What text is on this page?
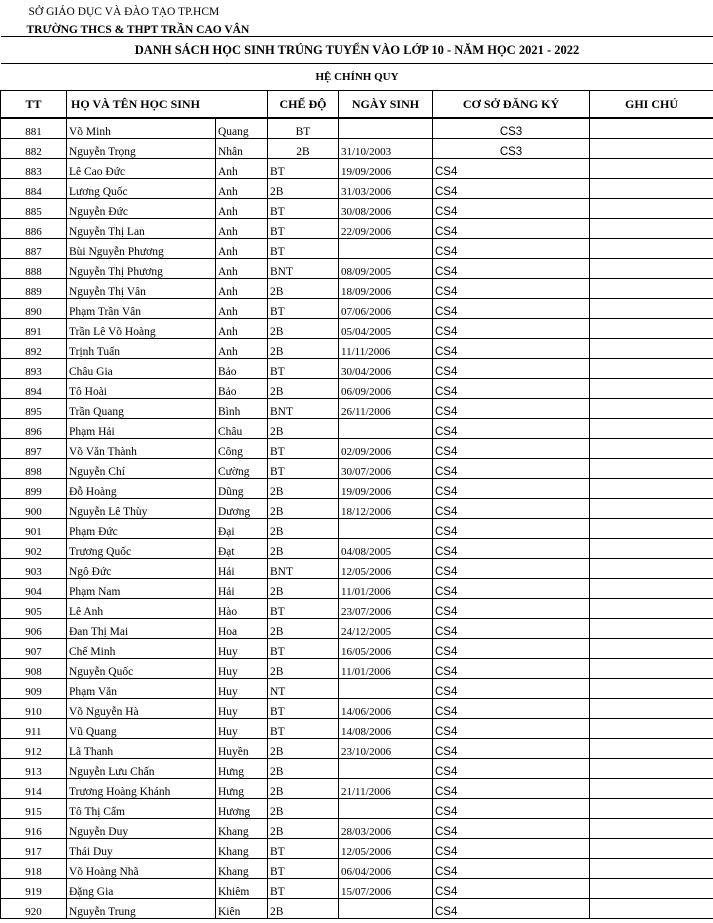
SỞ GIÁO DỤC VÀ ĐÀO TẠO TP.HCM						
TRƯỜNG THCS & THPT TRẦN CAO VÂN						
DANH SÁCH HỌC SINH TRÚNG TUYỂN VÀO LỚP 10 - NĂM HỌC 2021 - 2022						
HỆ CHÍNH QUY						
TT	HỌ VÀ TÊN HỌC SINH		CHẾ ĐỘ	NGÀY SINH	CƠ SỞ ĐĂNG KÝ	GHI CHÚ
881	Võ Minh	Quang	BT		CS3	
882	Nguyễn Trọng	Nhân	2B	31/10/2003	CS3	
883	Lê Cao Đức	Anh	BT	19/09/2006	CS4	
884	Lương Quốc	Anh	2B	31/03/2006	CS4	
885	Nguyễn Đức	Anh	BT	30/08/2006	CS4	
886	Nguyễn Thị Lan	Anh	BT	22/09/2006	CS4	
887	Bùi Nguyễn Phương	Anh	BT		CS4	
888	Nguyễn Thị Phương	Anh	BNT	08/09/2005	CS4	
889	Nguyễn Thị Vân	Anh	2B	18/09/2006	CS4	
890	Phạm Trần Vân	Anh	BT	07/06/2006	CS4	
891	Trần Lê Võ Hoàng	Anh	2B	05/04/2005	CS4	
892	Trịnh Tuấn	Anh	2B	11/11/2006	CS4	
893	Châu Gia	Bảo	BT	30/04/2006	CS4	
894	Tô Hoài	Bảo	2B	06/09/2006	CS4	
895	Trần Quang	Bình	BNT	26/11/2006	CS4	
896	Phạm Hải	Châu	2B		CS4	
897	Võ Văn Thành	Công	BT	02/09/2006	CS4	
898	Nguyễn Chí	Cường	BT	30/07/2006	CS4	
899	Đỗ Hoàng	Dũng	2B	19/09/2006	CS4	
900	Nguyễn Lê Thùy	Dương	2B	18/12/2006	CS4	
901	Phạm Đức	Đại	2B		CS4	
902	Trương Quốc	Đạt	2B	04/08/2005	CS4	
903	Ngô Đức	Hải	BNT	12/05/2006	CS4	
904	Phạm Nam	Hải	2B	11/01/2006	CS4	
905	Lê Anh	Hào	BT	23/07/2006	CS4	
906	Đan Thị Mai	Hoa	2B	24/12/2005	CS4	
907	Chế Minh	Huy	BT	16/05/2006	CS4	
908	Nguyễn Quốc	Huy	2B	11/01/2006	CS4	
909	Phạm Văn	Huy	NT		CS4	
910	Võ Nguyễn Hà	Huy	BT	14/06/2006	CS4	
911	Vũ Quang	Huy	BT	14/08/2006	CS4	
912	Lã Thanh	Huyền	2B	23/10/2006	CS4	
913	Nguyễn Lưu Chấn	Hưng	2B		CS4	
914	Trương Hoàng Khánh	Hưng	2B	21/11/2006	CS4	
915	Tô Thị Cẩm	Hương	2B		CS4	
916	Nguyễn Duy	Khang	2B	28/03/2006	CS4	
917	Thái Duy	Khang	BT	12/05/2006	CS4	
918	Võ Hoàng Nhã	Khang	BT	06/04/2006	CS4	
919	Đặng Gia	Khiêm	BT	15/07/2006	CS4	
920	Nguyễn Trung	Kiên	2B		CS4	
